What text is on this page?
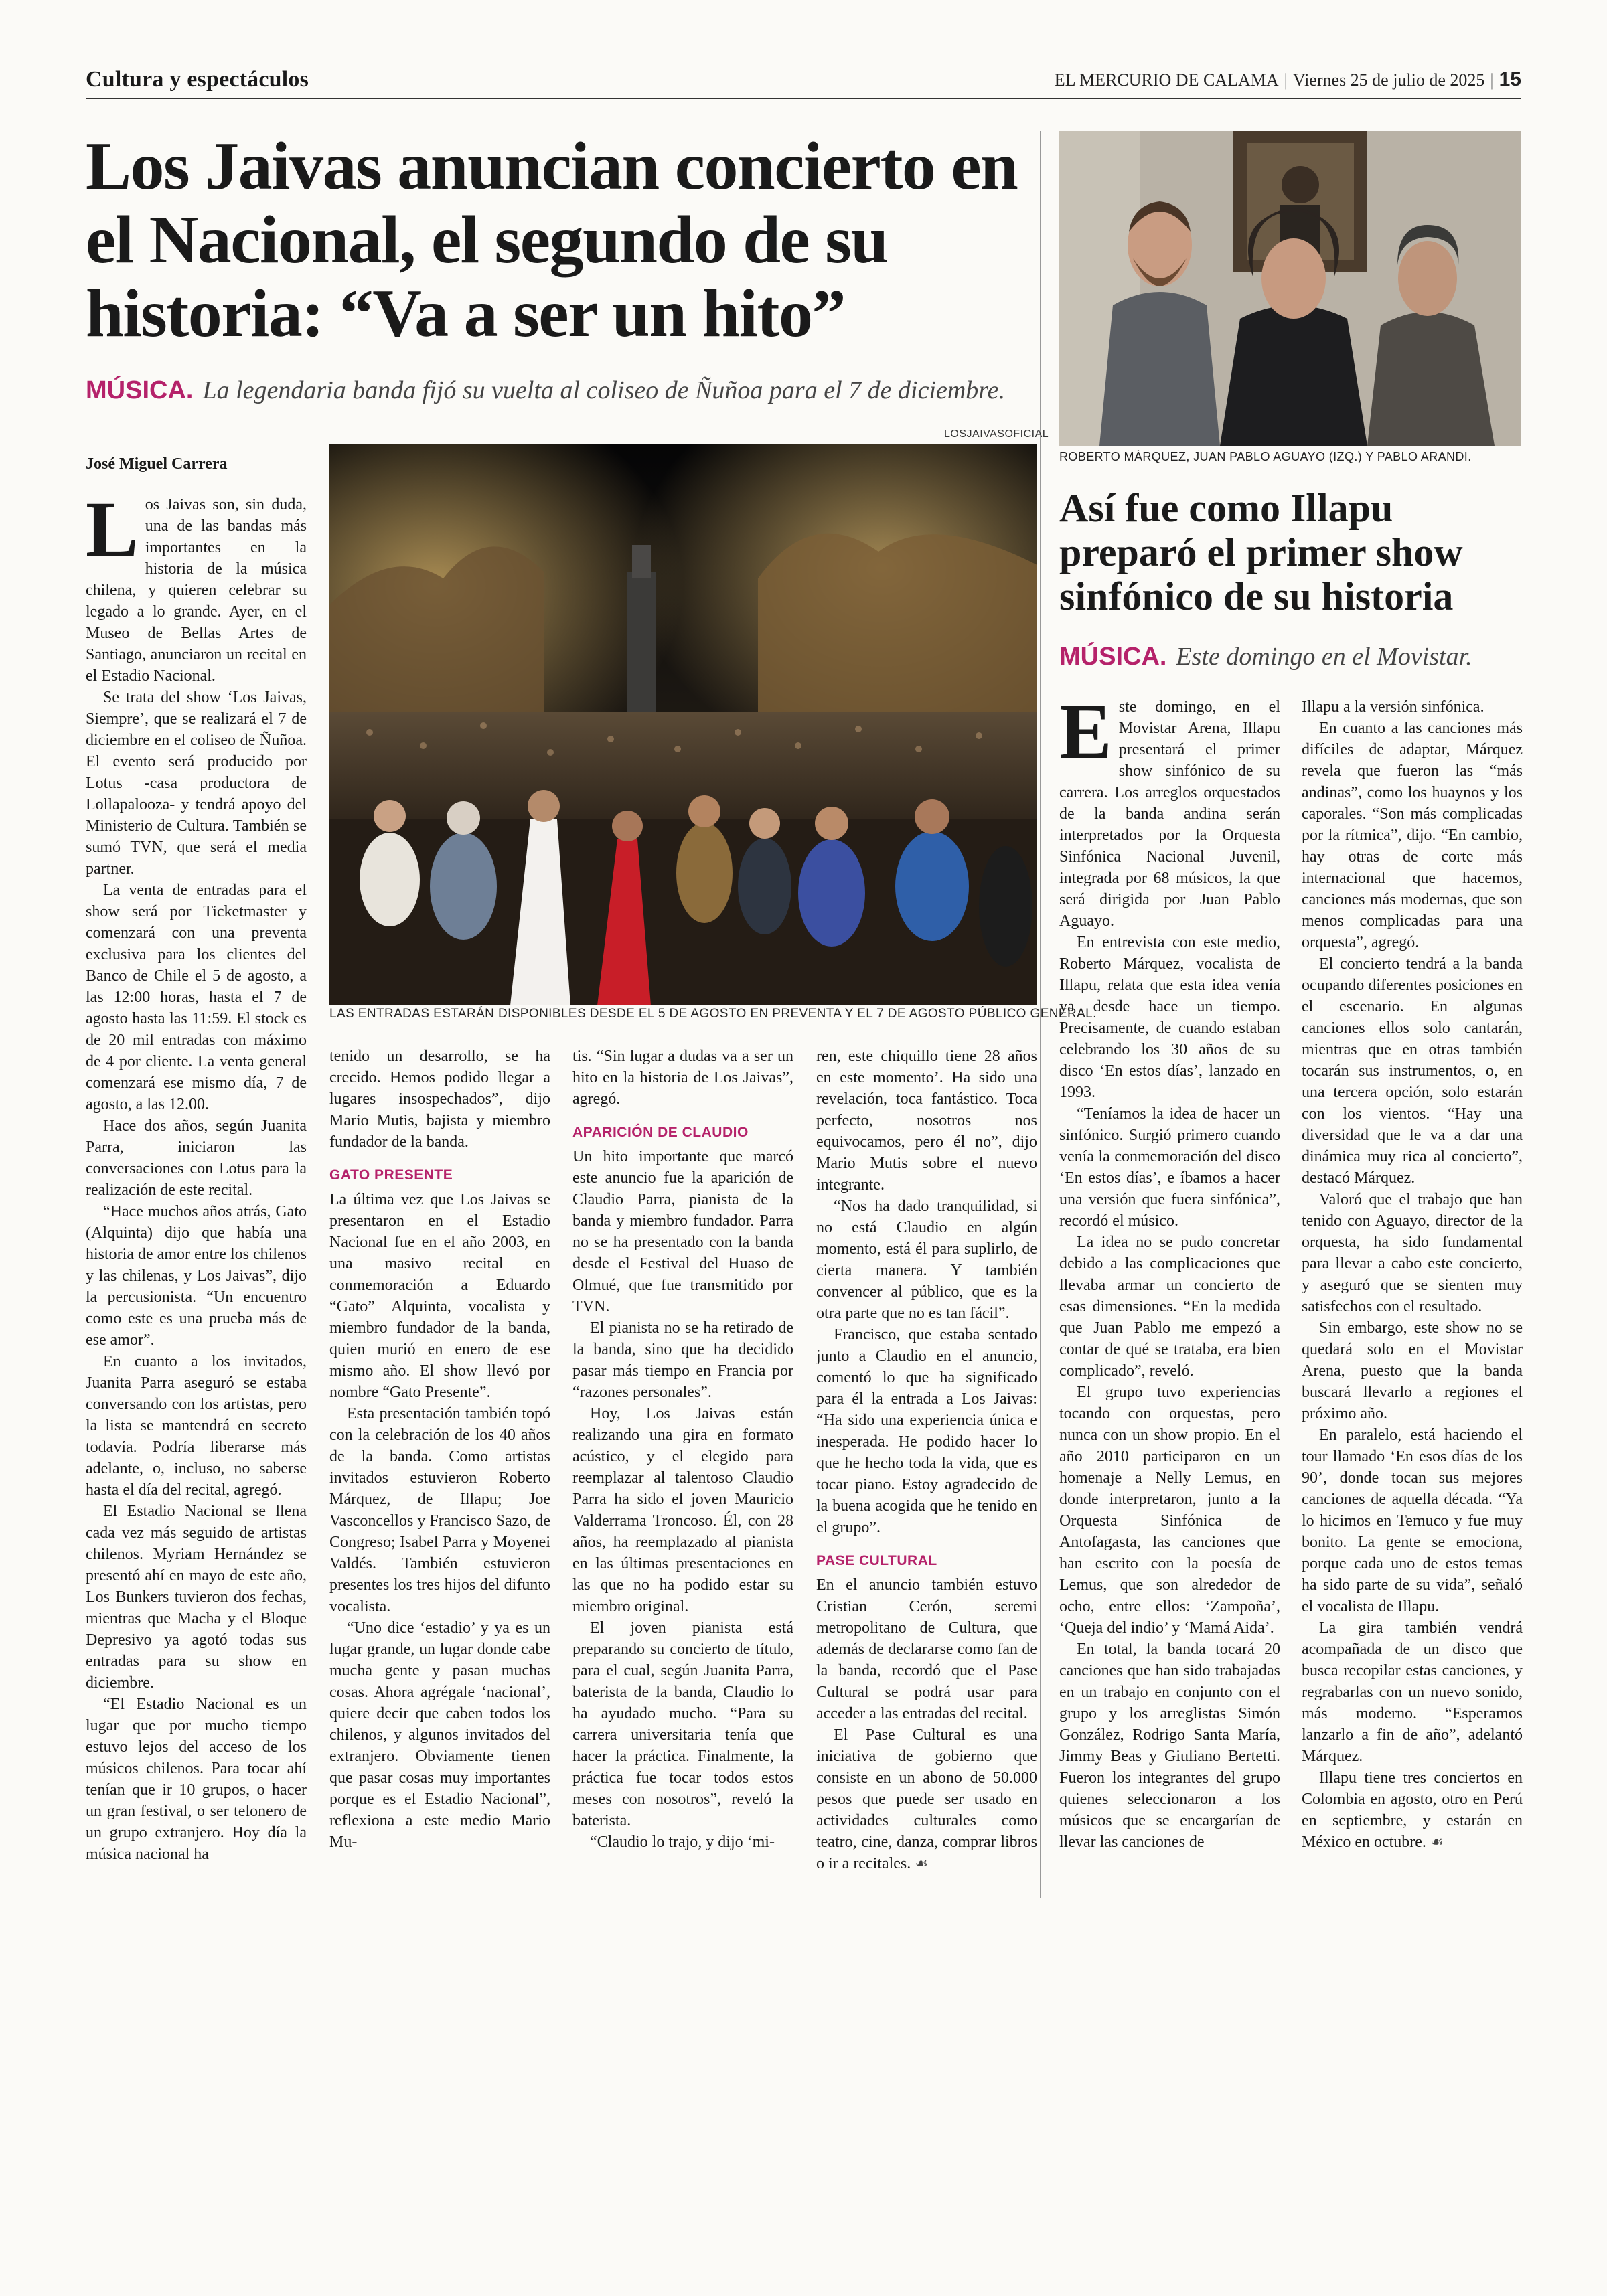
Cultura y espectáculos	EL MERCURIO DE CALAMA | Viernes 25 de julio de 2025 | 15
Los Jaivas anuncian concierto en el Nacional, el segundo de su historia: “Va a ser un hito”
MÚSICA. La legendaria banda fijó su vuelta al coliseo de Ñuñoa para el 7 de diciembre.
José Miguel Carrera
LOSJAIVASOFICIAL
LAS ENTRADAS ESTARÁN DISPONIBLES DESDE EL 5 DE AGOSTO EN PREVENTA Y EL 7 DE AGOSTO PÚBLICO GENERAL.

Los Jaivas son, sin duda, una de las bandas más importantes en la historia de la música chilena, y quieren celebrar su legado a lo grande. Ayer, en el Museo de Bellas Artes de Santiago, anunciaron un recital en el Estadio Nacional.

Se trata del show ‘Los Jaivas, Siempre’, que se realizará el 7 de diciembre en el coliseo de Ñuñoa. El evento será producido por Lotus -casa productora de Lollapalooza- y tendrá apoyo del Ministerio de Cultura. También se sumó TVN, que será el media partner.

La venta de entradas para el show será por Ticketmaster y comenzará con una preventa exclusiva para los clientes del Banco de Chile el 5 de agosto, a las 12:00 horas, hasta el 7 de agosto hasta las 11:59. El stock es de 20 mil entradas con máximo de 4 por cliente. La venta general comenzará ese mismo día, 7 de agosto, a las 12.00.

Hace dos años, según Juanita Parra, iniciaron las conversaciones con Lotus para la realización de este recital.

“Hace muchos años atrás, Gato (Alquinta) dijo que había una historia de amor entre los chilenos y las chilenas, y Los Jaivas”, dijo la percusionista. “Un encuentro como este es una prueba más de ese amor”.

En cuanto a los invitados, Juanita Parra aseguró se estaba conversando con los artistas, pero la lista se mantendrá en secreto todavía. Podría liberarse más adelante, o, incluso, no saberse hasta el día del recital, agregó.

El Estadio Nacional se llena cada vez más seguido de artistas chilenos. Myriam Hernández se presentó ahí en mayo de este año, Los Bunkers tuvieron dos fechas, mientras que Macha y el Bloque Depresivo ya agotó todas sus entradas para su show en diciembre.

“El Estadio Nacional es un lugar que por mucho tiempo estuvo lejos del acceso de los músicos chilenos. Para tocar ahí tenían que ir 10 grupos, o hacer un gran festival, o ser telonero de un grupo extranjero. Hoy día la música nacional ha

tenido un desarrollo, se ha crecido. Hemos podido llegar a lugares insospechados”, dijo Mario Mutis, bajista y miembro fundador de la banda.

GATO PRESENTE

La última vez que Los Jaivas se presentaron en el Estadio Nacional fue en el año 2003, en una masivo recital en conmemoración a Eduardo “Gato” Alquinta, vocalista y miembro fundador de la banda, quien murió en enero de ese mismo año. El show llevó por nombre “Gato Presente”.

Esta presentación también topó con la celebración de los 40 años de la banda. Como artistas invitados estuvieron Roberto Márquez, de Illapu; Joe Vasconcellos y Francisco Sazo, de Congreso; Isabel Parra y Moyenei Valdés. También estuvieron presentes los tres hijos del difunto vocalista.

“Uno dice ‘estadio’ y ya es un lugar grande, un lugar donde cabe mucha gente y pasan muchas cosas. Ahora agrégale ‘nacional’, quiere decir que caben todos los chilenos, y algunos invitados del extranjero. Obviamente tienen que pasar cosas muy importantes porque es el Estadio Nacional”, reflexiona a este medio Mario Mu-

tis. “Sin lugar a dudas va a ser un hito en la historia de Los Jaivas”, agregó.

APARICIÓN DE CLAUDIO

Un hito importante que marcó este anuncio fue la aparición de Claudio Parra, pianista de la banda y miembro fundador. Parra no se ha presentado con la banda desde el Festival del Huaso de Olmué, que fue transmitido por TVN.

El pianista no se ha retirado de la banda, sino que ha decidido pasar más tiempo en Francia por “razones personales”.

Hoy, Los Jaivas están realizando una gira en formato acústico, y el elegido para reemplazar al talentoso Claudio Parra ha sido el joven Mauricio Valderrama Troncoso. Él, con 28 años, ha reemplazado al pianista en las últimas presentaciones en las que no ha podido estar su miembro original.

El joven pianista está preparando su concierto de título, para el cual, según Juanita Parra, baterista de la banda, Claudio lo ha ayudado mucho. “Para su carrera universitaria tenía que hacer la práctica. Finalmente, la práctica fue tocar todos estos meses con nosotros”, reveló la baterista.

“Claudio lo trajo, y dijo ‘mi-

ren, este chiquillo tiene 28 años en este momento’. Ha sido una revelación, toca fantástico. Toca perfecto, nosotros nos equivocamos, pero él no”, dijo Mario Mutis sobre el nuevo integrante.

“Nos ha dado tranquilidad, si no está Claudio en algún momento, está él para suplirlo, de cierta manera. Y también convencer al público, que es la otra parte que no es tan fácil”.

Francisco, que estaba sentado junto a Claudio en el anuncio, comentó lo que ha significado para él la entrada a Los Jaivas: “Ha sido una experiencia única e inesperada. He podido hacer lo que he hecho toda la vida, que es tocar piano. Estoy agradecido de la buena acogida que he tenido en el grupo”.

PASE CULTURAL

En el anuncio también estuvo Cristian Cerón, seremi metropolitano de Cultura, que además de declararse como fan de la banda, recordó que el Pase Cultural se podrá usar para acceder a las entradas del recital.

El Pase Cultural es una iniciativa de gobierno que consiste en un abono de 50.000 pesos que puede ser usado en actividades culturales como teatro, cine, danza, comprar libros o ir a recitales. ☙

ROBERTO MÁRQUEZ, JUAN PABLO AGUAYO (IZQ.) Y PABLO ARANDI.
Así fue como Illapu preparó el primer show sinfónico de su historia
MÚSICA. Este domingo en el Movistar.

Este domingo, en el Movistar Arena, Illapu presentará el primer show sinfónico de su carrera. Los arreglos orquestados de la banda andina serán interpretados por la Orquesta Sinfónica Nacional Juvenil, integrada por 68 músicos, la que será dirigida por Juan Pablo Aguayo.

En entrevista con este medio, Roberto Márquez, vocalista de Illapu, relata que esta idea venía ya desde hace un tiempo. Precisamente, de cuando estaban celebrando los 30 años de su disco ‘En estos días’, lanzado en 1993.

“Teníamos la idea de hacer un sinfónico. Surgió primero cuando venía la conmemoración del disco ‘En estos días’, e íbamos a hacer una versión que fuera sinfónica”, recordó el músico.

La idea no se pudo concretar debido a las complicaciones que llevaba armar un concierto de esas dimensiones. “En la medida que Juan Pablo me empezó a contar de qué se trataba, era bien complicado”, reveló.

El grupo tuvo experiencias tocando con orquestas, pero nunca con un show propio. En el año 2010 participaron en un homenaje a Nelly Lemus, en donde interpretaron, junto a la Orquesta Sinfónica de Antofagasta, las canciones que han escrito con la poesía de Lemus, que son alrededor de ocho, entre ellos: ‘Zampoña’, ‘Queja del indio’ y ‘Mamá Aida’.

En total, la banda tocará 20 canciones que han sido trabajadas en un trabajo en conjunto con el grupo y los arreglistas Simón González, Rodrigo Santa María, Jimmy Beas y Giuliano Bertetti. Fueron los integrantes del grupo quienes seleccionaron a los músicos que se encargarían de llevar las canciones de

Illapu a la versión sinfónica.

En cuanto a las canciones más difíciles de adaptar, Márquez revela que fueron las “más andinas”, como los huaynos y los caporales. “Son más complicadas por la rítmica”, dijo. “En cambio, hay otras de corte más internacional que hacemos, canciones más modernas, que son menos complicadas para una orquesta”, agregó.

El concierto tendrá a la banda ocupando diferentes posiciones en el escenario. En algunas canciones ellos solo cantarán, mientras que en otras también tocarán sus instrumentos, o, en una tercera opción, solo estarán con los vientos. “Hay una diversidad que le va a dar una dinámica muy rica al concierto”, destacó Márquez.

Valoró que el trabajo que han tenido con Aguayo, director de la orquesta, ha sido fundamental para llevar a cabo este concierto, y aseguró que se sienten muy satisfechos con el resultado.

Sin embargo, este show no se quedará solo en el Movistar Arena, puesto que la banda buscará llevarlo a regiones el próximo año.

En paralelo, está haciendo el tour llamado ‘En esos días de los 90’, donde tocan sus mejores canciones de aquella década. “Ya lo hicimos en Temuco y fue muy bonito. La gente se emociona, porque cada uno de estos temas ha sido parte de su vida”, señaló el vocalista de Illapu.

La gira también vendrá acompañada de un disco que busca recopilar estas canciones, y regrabarlas con un nuevo sonido, más moderno. “Esperamos lanzarlo a fin de año”, adelantó Márquez.

Illapu tiene tres conciertos en Colombia en agosto, otro en Perú en septiembre, y estarán en México en octubre. ☙
